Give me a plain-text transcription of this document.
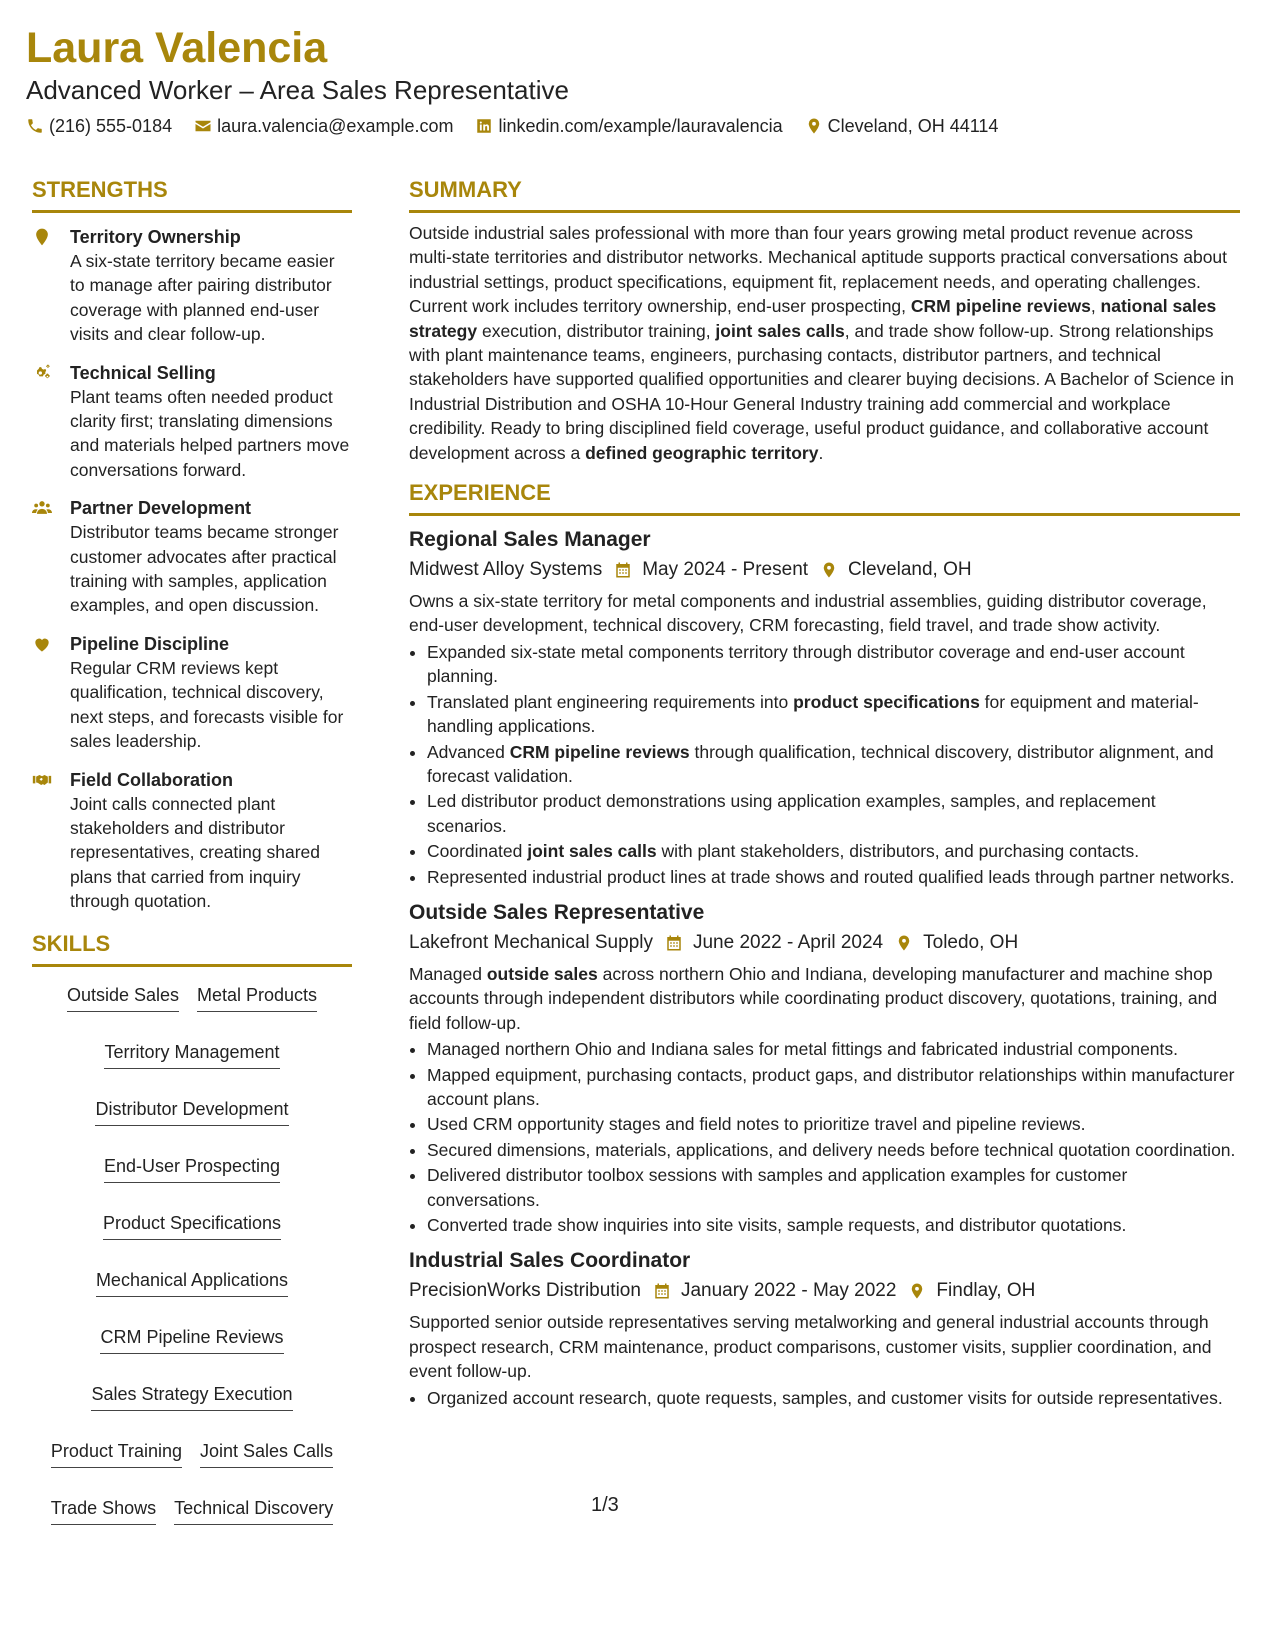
Laura Valencia
Advanced Worker – Area Sales Representative
(216) 555-0184	laura.valencia@example.com	linkedin.com/example/lauravalencia	Cleveland, OH 44114
STRENGTHS
Territory Ownership
A six-state territory became easier to manage after pairing distributor coverage with planned end-user visits and clear follow-up.
Technical Selling
Plant teams often needed product clarity first; translating dimensions and materials helped partners move conversations forward.
Partner Development
Distributor teams became stronger customer advocates after practical training with samples, application examples, and open discussion.
Pipeline Discipline
Regular CRM reviews kept qualification, technical discovery, next steps, and forecasts visible for sales leadership.
Field Collaboration
Joint calls connected plant stakeholders and distributor representatives, creating shared plans that carried from inquiry through quotation.
SKILLS
Outside Sales Metal Products
Territory Management
Distributor Development
End-User Prospecting
Product Specifications
Mechanical Applications
CRM Pipeline Reviews
Sales Strategy Execution
Product Training Joint Sales Calls
Trade Shows Technical Discovery
SUMMARY

Outside industrial sales professional with more than four years growing metal product revenue across multi-state territories and distributor networks. Mechanical aptitude supports practical conversations about industrial settings, product specifications, equipment fit, replacement needs, and operating challenges. Current work includes territory ownership, end-user prospecting, CRM pipeline reviews, national sales strategy execution, distributor training, joint sales calls, and trade show follow-up. Strong relationships with plant maintenance teams, engineers, purchasing contacts, distributor partners, and technical stakeholders have supported qualified opportunities and clearer buying decisions. A Bachelor of Science in Industrial Distribution and OSHA 10-Hour General Industry training add commercial and workplace credibility. Ready to bring disciplined field coverage, useful product guidance, and collaborative account development across a defined geographic territory.

EXPERIENCE
Regional Sales Manager
Midwest Alloy Systems May 2024 - Present Cleveland, OH
Owns a six-state territory for metal components and industrial assemblies, guiding distributor coverage, end-user development, technical discovery, CRM forecasting, field travel, and trade show activity.
• Expanded six-state metal components territory through distributor coverage and end-user account planning.
• Translated plant engineering requirements into product specifications for equipment and material-handling applications.
• Advanced CRM pipeline reviews through qualification, technical discovery, distributor alignment, and forecast validation.
• Led distributor product demonstrations using application examples, samples, and replacement scenarios.
• Coordinated joint sales calls with plant stakeholders, distributors, and purchasing contacts.
• Represented industrial product lines at trade shows and routed qualified leads through partner networks.
Outside Sales Representative
Lakefront Mechanical Supply June 2022 - April 2024 Toledo, OH
Managed outside sales across northern Ohio and Indiana, developing manufacturer and machine shop accounts through independent distributors while coordinating product discovery, quotations, training, and field follow-up.
• Managed northern Ohio and Indiana sales for metal fittings and fabricated industrial components.
• Mapped equipment, purchasing contacts, product gaps, and distributor relationships within manufacturer account plans.
• Used CRM opportunity stages and field notes to prioritize travel and pipeline reviews.
• Secured dimensions, materials, applications, and delivery needs before technical quotation coordination.
• Delivered distributor toolbox sessions with samples and application examples for customer conversations.
• Converted trade show inquiries into site visits, sample requests, and distributor quotations.
Industrial Sales Coordinator
PrecisionWorks Distribution January 2022 - May 2022 Findlay, OH
Supported senior outside representatives serving metalworking and general industrial accounts through prospect research, CRM maintenance, product comparisons, customer visits, supplier coordination, and event follow-up.
• Organized account research, quote requests, samples, and customer visits for outside representatives.
1/3
